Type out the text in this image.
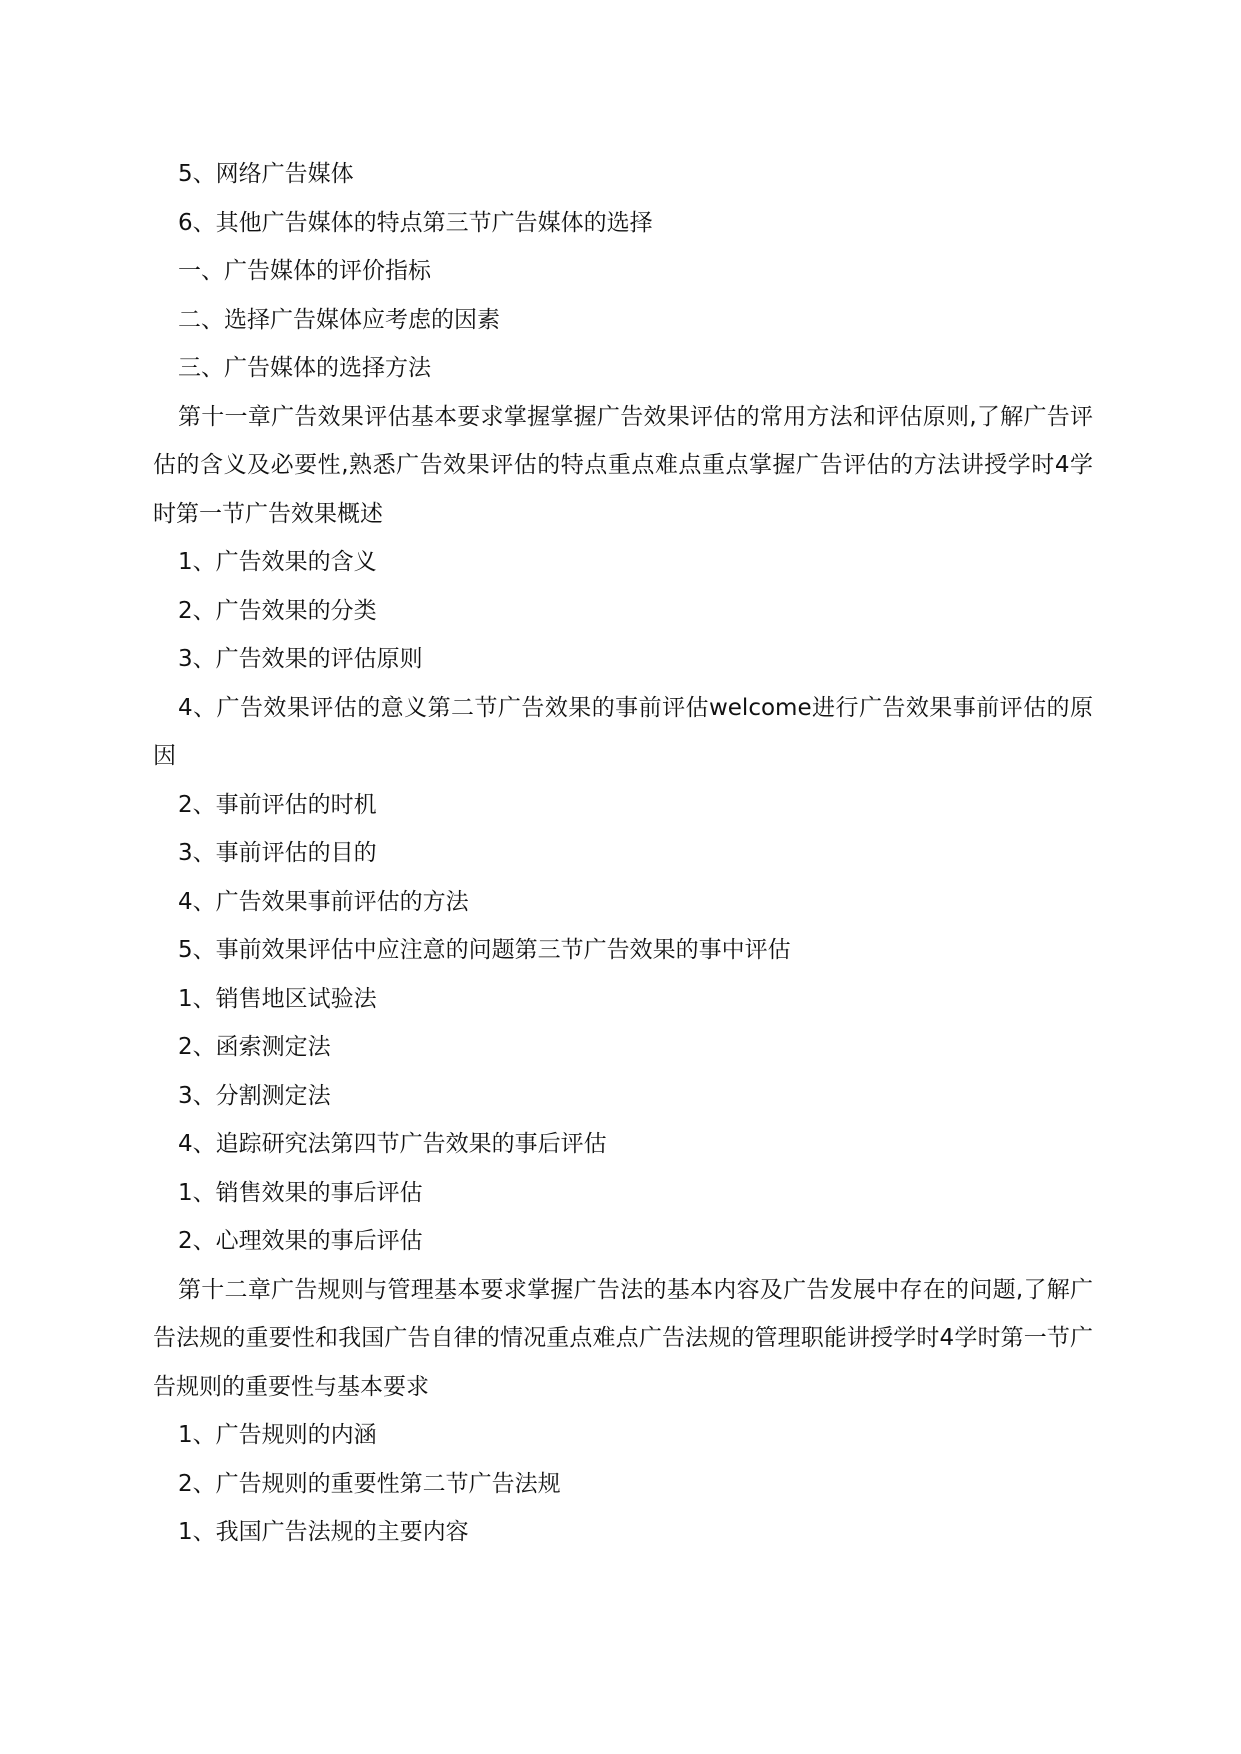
5、网络广告媒体

6、其他广告媒体的特点第三节广告媒体的选择

一、广告媒体的评价指标

二、选择广告媒体应考虑的因素

三、广告媒体的选择方法

第十一章广告效果评估基本要求掌握掌握广告效果评估的常用方法和评估原则,了解广告评估的含义及必要性,熟悉广告效果评估的特点重点难点重点掌握广告评估的方法讲授学时4学时第一节广告效果概述

1、广告效果的含义

2、广告效果的分类

3、广告效果的评估原则

4、广告效果评估的意义第二节广告效果的事前评估welcome进行广告效果事前评估的原因

2、事前评估的时机

3、事前评估的目的

4、广告效果事前评估的方法

5、事前效果评估中应注意的问题第三节广告效果的事中评估

1、销售地区试验法

2、函索测定法

3、分割测定法

4、追踪研究法第四节广告效果的事后评估

1、销售效果的事后评估

2、心理效果的事后评估

第十二章广告规则与管理基本要求掌握广告法的基本内容及广告发展中存在的问题,了解广告法规的重要性和我国广告自律的情况重点难点广告法规的管理职能讲授学时4学时第一节广告规则的重要性与基本要求

1、广告规则的内涵

2、广告规则的重要性第二节广告法规

1、我国广告法规的主要内容
